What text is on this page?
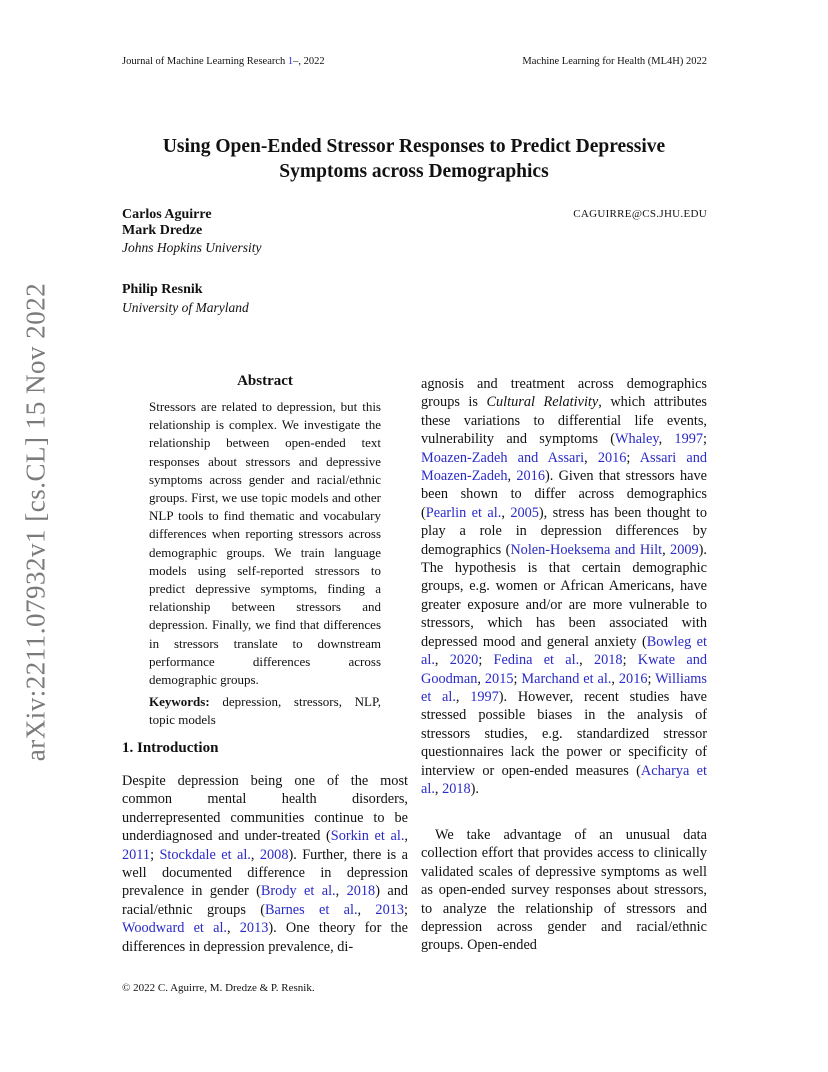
Journal of Machine Learning Research 1–, 2022	Machine Learning for Health (ML4H) 2022
arXiv:2211.07932v1 [cs.CL] 15 Nov 2022
Using Open-Ended Stressor Responses to Predict Depressive
Symptoms across Demographics
Carlos Aguirre	CAGUIRRE@CS.JHU.EDU
Mark Dredze
Johns Hopkins University
Philip Resnik
University of Maryland
Abstract
Stressors are related to depression, but this relationship is complex. We investigate the relationship between open-ended text responses about stressors and depressive symptoms across gender and racial/ethnic groups. First, we use topic models and other NLP tools to find thematic and vocabulary differences when reporting stressors across demographic groups. We train language models using self-reported stressors to predict depressive symptoms, finding a relationship between stressors and depression. Finally, we find that differences in stressors translate to downstream performance differences across demographic groups.
Keywords: depression, stressors, NLP, topic models
1. Introduction
Despite depression being one of the most common mental health disorders, underrepresented communities continue to be underdiagnosed and under-treated (Sorkin et al., 2011; Stockdale et al., 2008). Further, there is a well documented difference in depression prevalence in gender (Brody et al., 2018) and racial/ethnic groups (Barnes et al., 2013; Woodward et al., 2013). One theory for the differences in depression prevalence, di-
agnosis and treatment across demographics groups is Cultural Relativity, which attributes these variations to differential life events, vulnerability and symptoms (Whaley, 1997; Moazen-Zadeh and Assari, 2016; Assari and Moazen-Zadeh, 2016). Given that stressors have been shown to differ across demographics (Pearlin et al., 2005), stress has been thought to play a role in depression differences by demographics (Nolen-Hoeksema and Hilt, 2009). The hypothesis is that certain demographic groups, e.g. women or African Americans, have greater exposure and/or are more vulnerable to stressors, which has been associated with depressed mood and general anxiety (Bowleg et al., 2020; Fedina et al., 2018; Kwate and Goodman, 2015; Marchand et al., 2016; Williams et al., 1997). However, recent studies have stressed possible biases in the analysis of stressors studies, e.g. standardized stressor questionnaires lack the power or specificity of interview or open-ended measures (Acharya et al., 2018).
We take advantage of an unusual data collection effort that provides access to clinically validated scales of depressive symptoms as well as open-ended survey responses about stressors, to analyze the relationship of stressors and depression across gender and racial/ethnic groups. Open-ended
© 2022 C. Aguirre, M. Dredze & P. Resnik.
